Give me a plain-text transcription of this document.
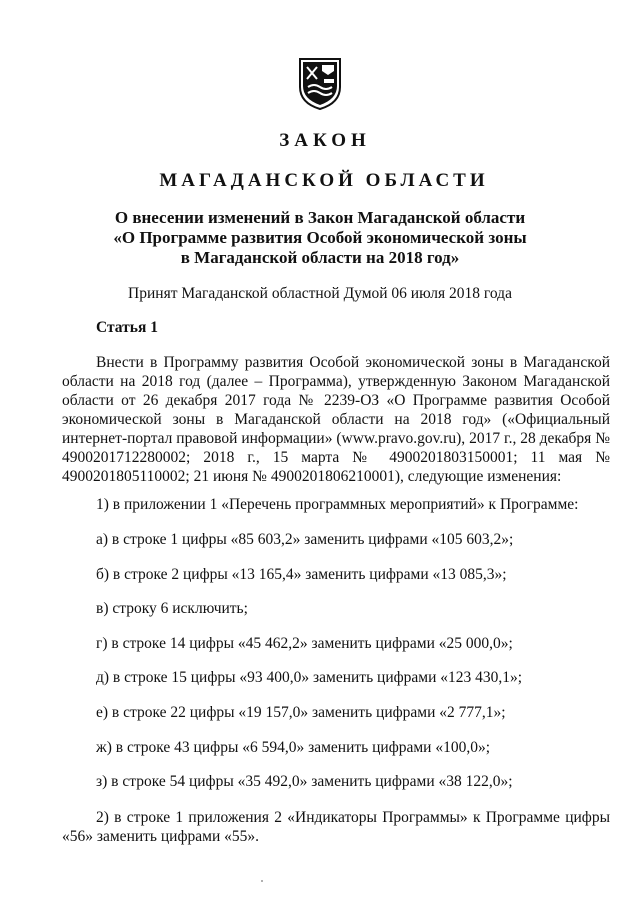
ЗАКОН
МАГАДАНСКОЙ ОБЛАСТИ
О внесении изменений в Закон Магаданской области
«О Программе развития Особой экономической зоны
в Магаданской области на 2018 год»
Принят Магаданской областной Думой 06 июля 2018 года
Статья 1

Внести в Программу развития Особой экономической зоны в Магаданской области на 2018 год (далее – Программа), утвержденную Законом Магаданской области от 26 декабря 2017 года № 2239-ОЗ «О Программе развития Особой экономической зоны в Магаданской области на 2018 год» («Официальный интернет-портал правовой информации» (www.pravo.gov.ru), 2017 г., 28 декабря № 4900201712280002; 2018 г., 15 марта № 4900201803150001; 11 мая № 4900201805110002; 21 июня № 4900201806210001), следующие изменения:

1) в приложении 1 «Перечень программных мероприятий» к Программе:
а) в строке 1 цифры «85 603,2» заменить цифрами «105 603,2»;
б) в строке 2 цифры «13 165,4» заменить цифрами «13 085,3»;
в) строку 6 исключить;
г) в строке 14 цифры «45 462,2» заменить цифрами «25 000,0»;
д) в строке 15 цифры «93 400,0» заменить цифрами «123 430,1»;
е) в строке 22 цифры «19 157,0» заменить цифрами «2 777,1»;
ж) в строке 43 цифры «6 594,0» заменить цифрами «100,0»;
з) в строке 54 цифры «35 492,0» заменить цифрами «38 122,0»;

2) в строке 1 приложения 2 «Индикаторы Программы» к Программе цифры «56» заменить цифрами «55».
